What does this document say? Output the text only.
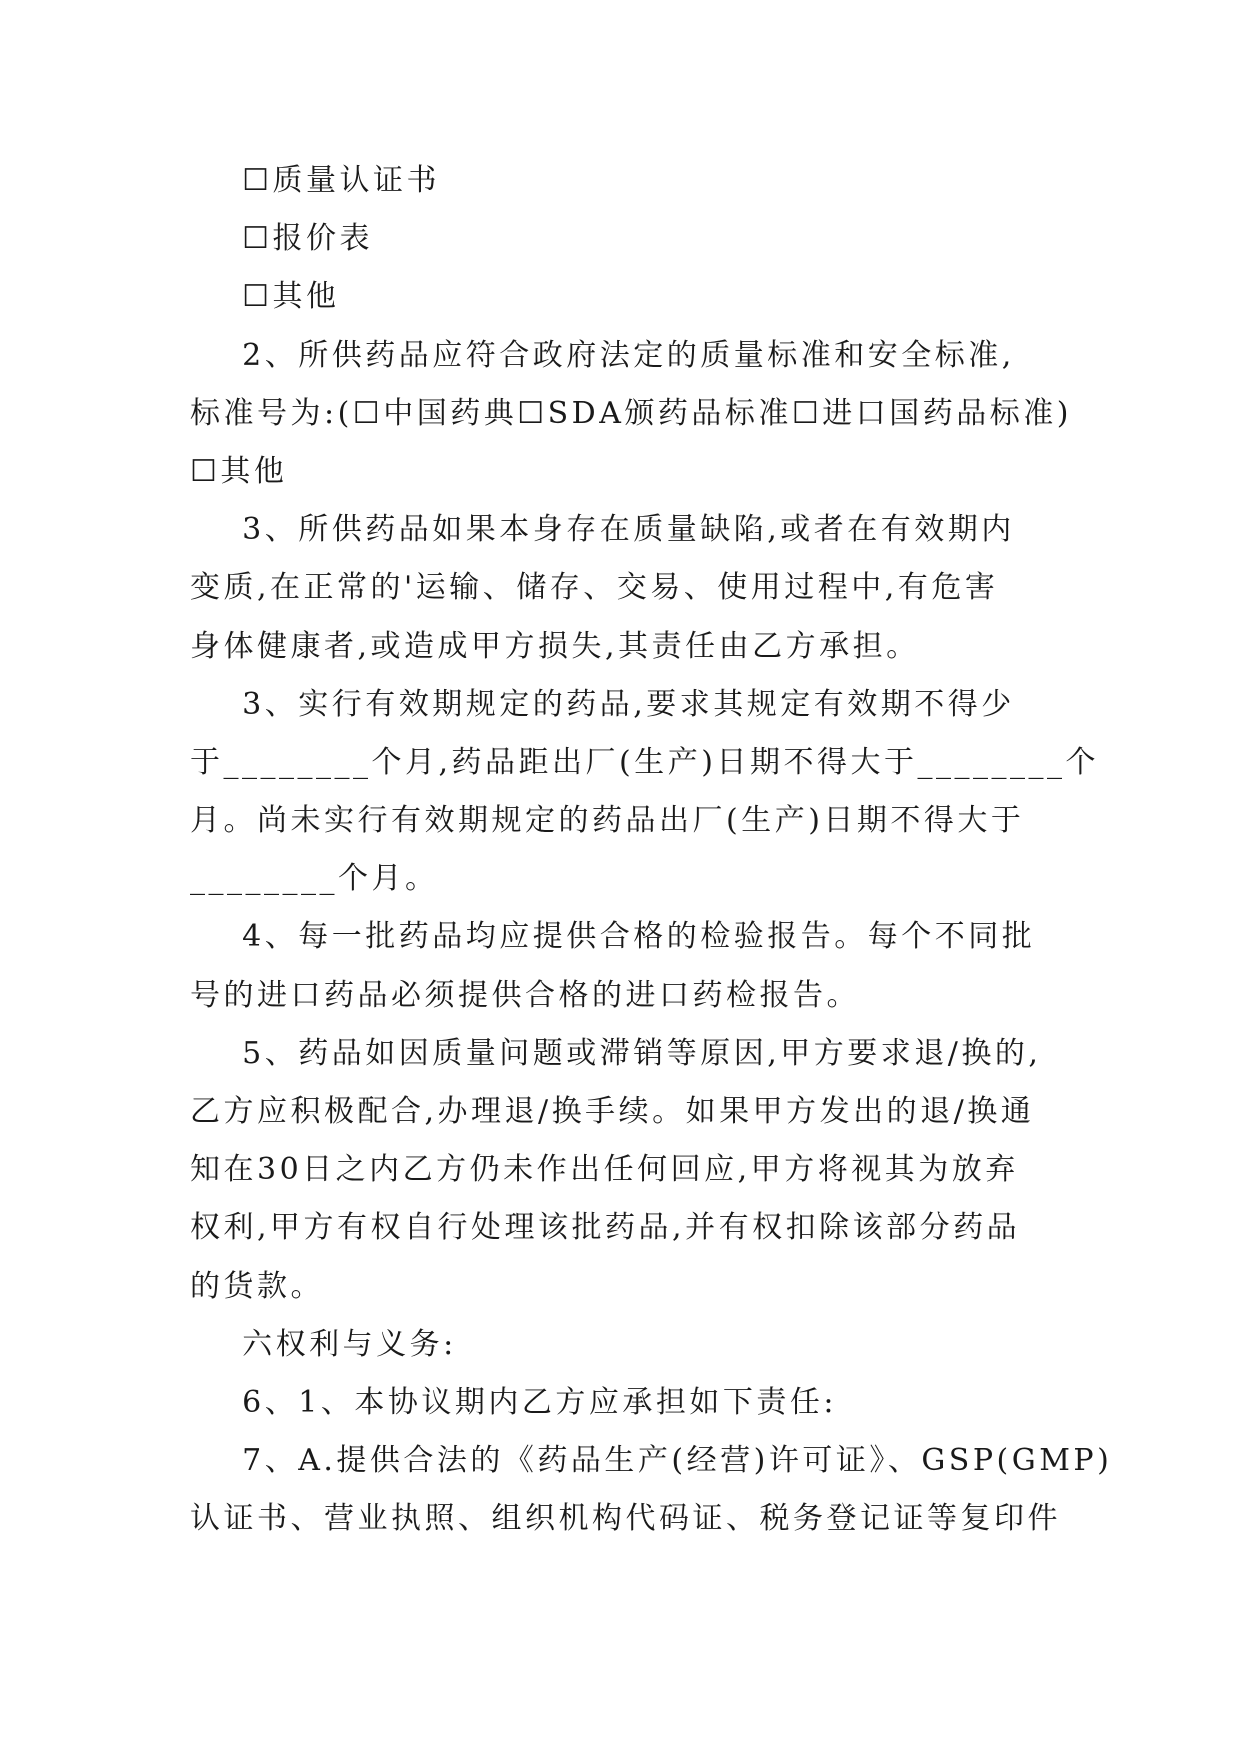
☐质量认证书
☐报价表
☐其他
2、所供药品应符合政府法定的质量标准和安全标准,
标准号为:(☐中国药典☐SDA颁药品标准☐进口国药品标准)
☐其他
3、所供药品如果本身存在质量缺陷,或者在有效期内
变质,在正常的'运输、储存、交易、使用过程中,有危害
身体健康者,或造成甲方损失,其责任由乙方承担。
3、实行有效期规定的药品,要求其规定有效期不得少
于________个月,药品距出厂(生产)日期不得大于________个
月。尚未实行有效期规定的药品出厂(生产)日期不得大于
________个月。
4、每一批药品均应提供合格的检验报告。每个不同批
号的进口药品必须提供合格的进口药检报告。
5、药品如因质量问题或滞销等原因,甲方要求退/换的,
乙方应积极配合,办理退/换手续。如果甲方发出的退/换通
知在30日之内乙方仍未作出任何回应,甲方将视其为放弃
权利,甲方有权自行处理该批药品,并有权扣除该部分药品
的货款。
六权利与义务:
6、1、本协议期内乙方应承担如下责任:
7、A.提供合法的《药品生产(经营)许可证》、GSP(GMP)
认证书、营业执照、组织机构代码证、税务登记证等复印件
